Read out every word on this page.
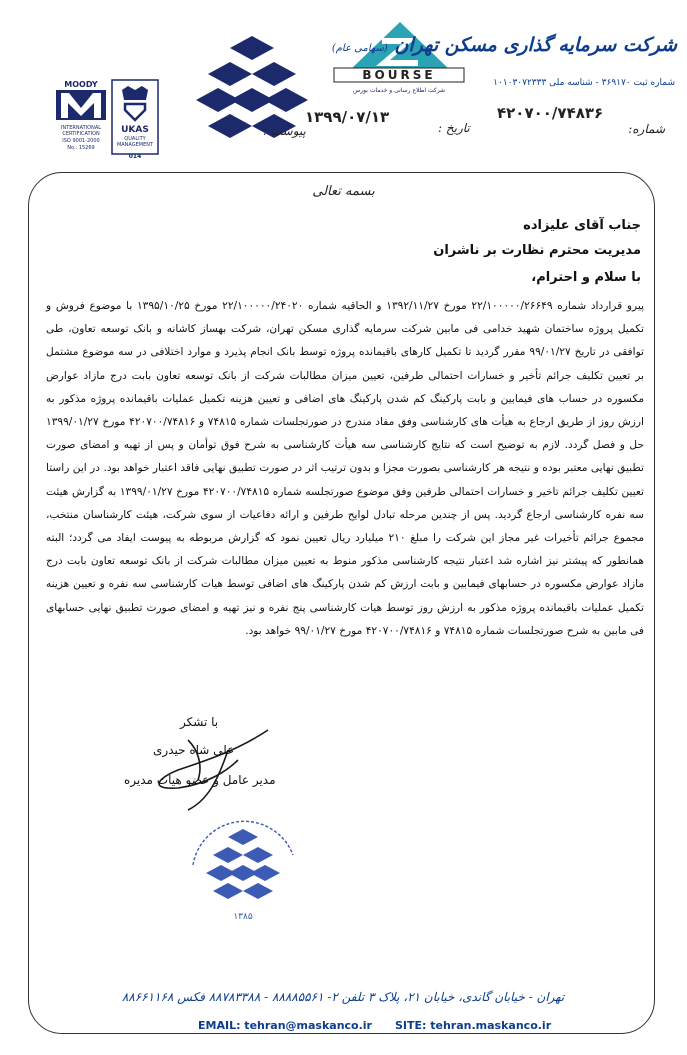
MOODY
INTERNATIONAL
CERTIFICATION
ISO 9001-2000
No.: 15269
UKAS
QUALITY
MANAGEMENT
014
BOURSE
شرکت اطلاع رسانی و خدمات بورس
شرکت سرمایه گذاری مسکن تهران (سهامی عام)
شماره ثبت ۳۶۹۱۷۰ - شناسه ملی ۱۰۱۰۳۰۷۲۳۳۳
شماره:
۴۲۰۷۰۰/۷۴۸۳۶
تاریخ :
۱۳۹۹/۰۷/۱۳
پیوست :
بسمه تعالی
جناب آقای علیزاده
مدیریت محترم نظارت بر ناشران
با سلام و احترام،
پیرو قرارداد شماره ۲۲/۱۰۰۰۰۰/۲۶۶۴۹ مورخ ۱۳۹۲/۱۱/۲۷ و الحاقیه شماره ۲۲/۱۰۰۰۰۰/۲۴۰۲۰ مورخ ۱۳۹۵/۱۰/۲۵ با موضوع فروش و تکمیل پروژه ساختمان شهید خدامی فی مابین شرکت سرمایه گذاری مسکن تهران، شرکت بهساز کاشانه و بانک توسعه تعاون، طی توافقی در تاریخ ۹۹/۰۱/۲۷ مقرر گردید تا تکمیل کارهای باقیمانده پروژه توسط بانک انجام پذیرد و موارد اختلافی در سه موضوع مشتمل بر تعیین تکلیف جرائم تأخیر و خسارات احتمالی طرفین، تعیین میزان مطالبات شرکت از بانک توسعه تعاون بابت درج مازاد عوارض مکسوره در حساب های فیمابین و بابت پارکینگ کم شدن پارکینگ های اضافی و تعیین هزینه تکمیل عملیات باقیمانده پروژه مذکور به ارزش روز از طریق ارجاع به هیأت های کارشناسی وفق مفاد مندرج در صورتجلسات شماره ۷۴۸۱۵ و ۴۲۰۷۰۰/۷۴۸۱۶ مورخ ۱۳۹۹/۰۱/۲۷ حل و فصل گردد. لازم به توضیح است که نتایج کارشناسی سه هیأت کارشناسی به شرح فوق توأمان و پس از تهیه و امضای صورت تطبیق نهایی معتبر بوده و نتیجه هر کارشناسی بصورت مجزا و بدون ترتیب اثر در صورت تطبیق نهایی فاقد اعتبار خواهد بود. در این راستا تعیین تکلیف جرائم تاخیر و خسارات احتمالی طرفین وفق موضوع صورتجلسه شماره ۴۲۰۷۰۰/۷۴۸۱۵ مورخ ۱۳۹۹/۰۱/۲۷ به گزارش هیئت سه نفره کارشناسی ارجاع گردید. پس از چندین مرحله تبادل لوایح طرفین و ارائه دفاعیات از سوی شرکت، هیئت کارشناسان منتخب، مجموع جرائم تأخیرات غیر مجاز این شرکت را مبلغ ۲۱۰ میلیارد ریال تعیین نمود که گزارش مربوطه به پیوست ایفاد می گردد؛ البته همانطور که پیشتر نیز اشاره شد اعتبار نتیجه کارشناسی مذکور منوط به تعیین میزان مطالبات شرکت از بانک توسعه تعاون بابت درج مازاد عوارض مکسوره در حسابهای فیمابین و بابت ارزش کم شدن پارکینگ های اضافی توسط هیات کارشناسی سه نفره و تعیین هزینه تکمیل عملیات باقیمانده پروژه مذکور به ارزش روز توسط هیات کارشناسی پنج نفره و نیز تهیه و امضای صورت تطبیق نهایی حسابهای فی مابین به شرح صورتجلسات شماره ۷۴۸۱۵ و ۴۲۰۷۰۰/۷۴۸۱۶ مورخ ۹۹/۰۱/۲۷ خواهد بود.
با تشکر
علی شاه حیدری
مدیر عامل و عضو هیات مدیره
۱۳۸۵
تهران - خیابان گاندی، خیابان ۲۱، پلاک ۳ تلفن ۲- ۸۸۸۸۵۵۶۱ - ۸۸۷۸۳۳۸۸ فکس ۸۸۶۶۱۱۶۸
EMAIL: tehran@maskanco.ir SITE: tehran.maskanco.ir
